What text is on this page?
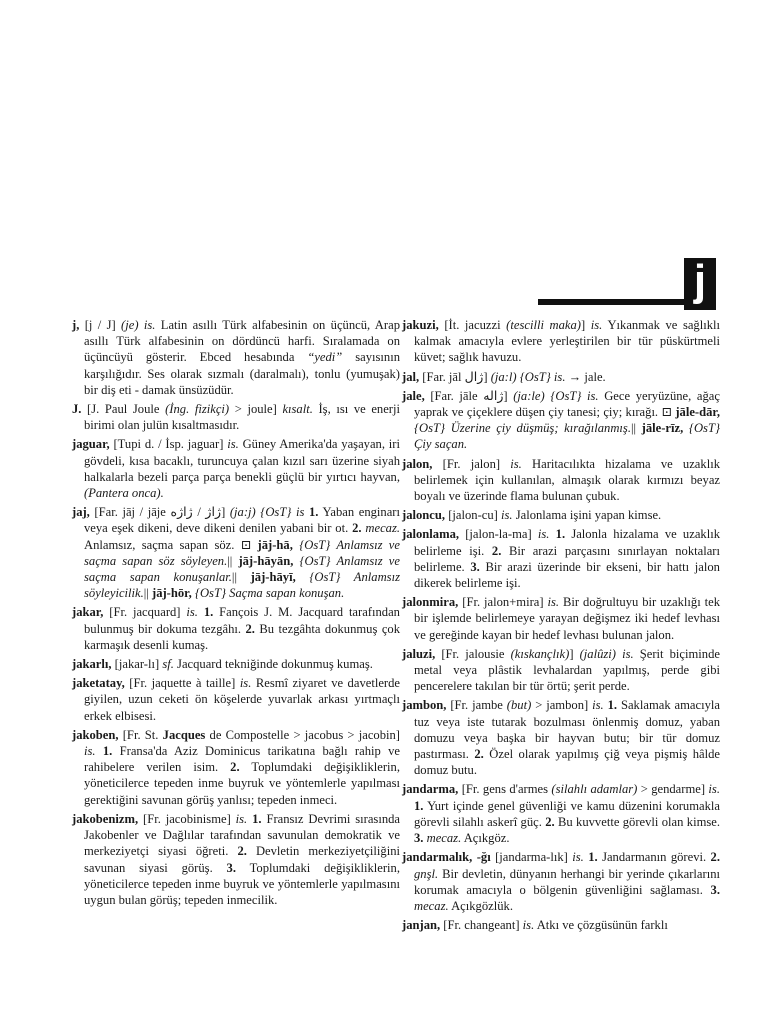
j

j, [j / J] (je) is. Latin asıllı Türk alfabesinin on üçüncü, Arap asıllı Türk alfabesinin on dördüncü harfi. Sıralamada on üçüncüyü gösterir. Ebced hesabında “yedi” sayısının karşılığıdır. Ses olarak sızmalı (daralmalı), tonlu (yumuşak) bir diş eti - damak ünsüzüdür.

J. [J. Paul Joule (İng. fizikçi) > joule] kısalt. İş, ısı ve enerji birimi olan julün kısaltmasıdır.

jaguar, [Tupi d. / İsp. jaguar] is. Güney Amerika'da yaşayan, iri gövdeli, kısa bacaklı, turuncuya çalan kızıl sarı üzerine siyah halkalarla bezeli parça parça benekli güçlü bir yırtıcı hayvan, (Pantera onca).

jaj, [Far. jāj / jāje ژاژ / ژاژه] (ja:j) {OsT} is 1. Yaban enginarı veya eşek dikeni, deve dikeni denilen yabani bir ot. 2. mecaz. Anlamsız, saçma sapan söz. ⊡ jāj-hā, {OsT} Anlamsız ve saçma sapan söz söyleyen.|| jāj-hāyān, {OsT} Anlamsız ve saçma sapan konuşanlar.|| jāj-hāyī, {OsT} Anlamsız söyleyicilik.|| jāj-hōr, {OsT} Saçma sapan konuşan.

jakar, [Fr. jacquard] is. 1. Fançois J. M. Jacquard tarafından bulunmuş bir dokuma tezgâhı. 2. Bu tezgâhta dokunmuş çok karmaşık desenli kumaş.

jakarlı, [jakar-lı] sf. Jacquard tekniğinde dokunmuş kumaş.

jaketatay, [Fr. jaquette à taille] is. Resmî ziyaret ve davetlerde giyilen, uzun ceketi ön köşelerde yuvarlak arkası yırtmaçlı erkek elbisesi.

jakoben, [Fr. St. Jacques de Compostelle > jacobus > jacobin] is. 1. Fransa'da Aziz Dominicus tarikatına bağlı rahip ve rahibelere verilen isim. 2. Toplumdaki değişikliklerin, yöneticilerce tepeden inme buyruk ve yöntemlerle yapılması gerektiğini savunan görüş yanlısı; tepeden inmeci.

jakobenizm, [Fr. jacobinisme] is. 1. Fransız Devrimi sırasında Jakobenler ve Dağlılar tarafından savunulan demokratik ve merkeziyetçi siyasi öğreti. 2. Devletin merkeziyetçiliğini savunan siyasi görüş. 3. Toplumdaki değişikliklerin, yöneticilerce tepeden inme buyruk ve yöntemlerle yapılmasını uygun bulan görüş; tepeden inmecilik.

jakuzi, [İt. jacuzzi (tescilli maka)] is. Yıkanmak ve sağlıklı kalmak amacıyla evlere yerleştirilen bir tür püskürtmeli küvet; sağlık havuzu.

jal, [Far. jāl ژال] (ja:l) {OsT} is. → jale.

jale, [Far. jāle ژاله] (ja:le) {OsT} is. Gece yeryüzüne, ağaç yaprak ve çiçeklere düşen çiy tanesi; çiy; kırağı. ⊡ jāle-dār, {OsT} Üzerine çiy düşmüş; kırağılanmış.|| jāle-rīz, {OsT} Çiy saçan.

jalon, [Fr. jalon] is. Haritacılıkta hizalama ve uzaklık belirlemek için kullanılan, almaşık olarak kırmızı beyaz boyalı ve üzerinde flama bulunan çubuk.

jaloncu, [jalon-cu] is. Jalonlama işini yapan kimse.

jalonlama, [jalon-la-ma] is. 1. Jalonla hizalama ve uzaklık belirleme işi. 2. Bir arazi parçasını sınırlayan noktaları belirleme. 3. Bir arazi üzerinde bir ekseni, bir hattı jalon dikerek belirleme işi.

jalonmira, [Fr. jalon+mira] is. Bir doğrultuyu bir uzaklığı tek bir işlemde belirlemeye yarayan değişmez iki hedef levhası ve gereğinde kayan bir hedef levhası bulunan jalon.

jaluzi, [Fr. jalousie (kıskançlık)] (jalûzi) is. Şerit biçiminde metal veya plâstik levhalardan yapılmış, perde gibi pencerelere takılan bir tür örtü; şerit perde.

jambon, [Fr. jambe (but) > jambon] is. 1. Saklamak amacıyla tuz veya iste tutarak bozulması önlenmiş domuz, yaban domuzu veya başka bir hayvan butu; bir tür domuz pastırması. 2. Özel olarak yapılmış çiğ veya pişmiş hâlde domuz butu.

jandarma, [Fr. gens d'armes (silahlı adamlar) > gendarme] is. 1. Yurt içinde genel güvenliği ve kamu düzenini korumakla görevli silahlı askerî güç. 2. Bu kuvvette görevli olan kimse. 3. mecaz. Açıkgöz.

jandarmalık, -ğı [jandarma-lık] is. 1. Jandarmanın görevi. 2. gnşl. Bir devletin, dünyanın herhangi bir yerinde çıkarlarını korumak amacıyla o bölgenin güvenliğini sağlaması. 3. mecaz. Açıkgözlük.

janjan, [Fr. changeant] is. Atkı ve çözgüsünün farklı
